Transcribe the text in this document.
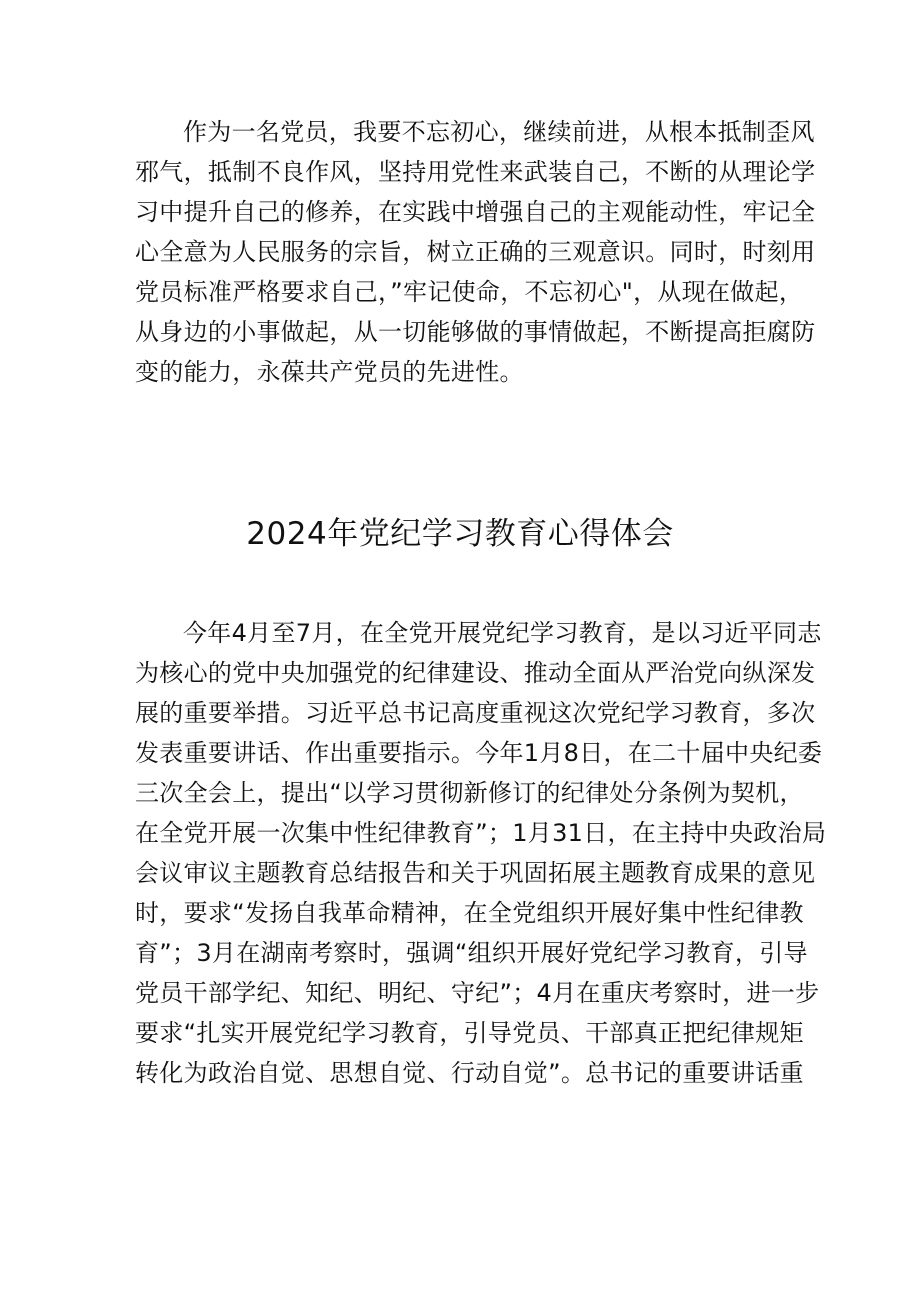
作为一名党员，我要不忘初心，继续前进，从根本抵制歪风
邪气，抵制不良作风，坚持用党性来武装自己，不断的从理论学
习中提升自己的修养，在实践中增强自己的主观能动性，牢记全
心全意为人民服务的宗旨，树立正确的三观意识。同时，时刻用
党员标准严格要求自己，”牢记使命，不忘初心"，从现在做起，
从身边的小事做起，从一切能够做的事情做起，不断提高拒腐防
变的能力，永葆共产党员的先进性。
2024年党纪学习教育心得体会
今年4月至7月，在全党开展党纪学习教育，是以习近平同志
为核心的党中央加强党的纪律建设、推动全面从严治党向纵深发
展的重要举措。习近平总书记高度重视这次党纪学习教育，多次
发表重要讲话、作出重要指示。今年1月8日，在二十届中央纪委
三次全会上，提出“以学习贯彻新修订的纪律处分条例为契机，
在全党开展一次集中性纪律教育”；1月31日，在主持中央政治局
会议审议主题教育总结报告和关于巩固拓展主题教育成果的意见
时，要求“发扬自我革命精神，在全党组织开展好集中性纪律教
育”；3月在湖南考察时，强调“组织开展好党纪学习教育，引导
党员干部学纪、知纪、明纪、守纪”；4月在重庆考察时，进一步
要求“扎实开展党纪学习教育，引导党员、干部真正把纪律规矩
转化为政治自觉、思想自觉、行动自觉”。总书记的重要讲话重
